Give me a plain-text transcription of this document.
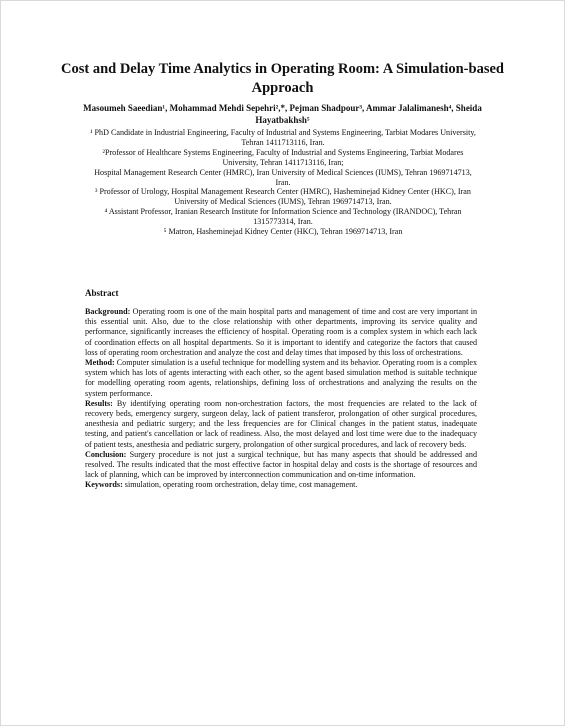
Cost and Delay Time Analytics in Operating Room: A Simulation-based Approach
Masoumeh Saeedian¹, Mohammad Mehdi Sepehri²,*, Pejman Shadpour³, Ammar Jalalimanesh⁴, Sheida Hayatbakhsh⁵
¹ PhD Candidate in Industrial Engineering, Faculty of Industrial and Systems Engineering, Tarbiat Modares University, Tehran 1411713116, Iran.
²Professor of Healthcare Systems Engineering, Faculty of Industrial and Systems Engineering, Tarbiat Modares University, Tehran 1411713116, Iran;
Hospital Management Research Center (HMRC), Iran University of Medical Sciences (IUMS), Tehran 1969714713, Iran.
³ Professor of Urology, Hospital Management Research Center (HMRC), Hasheminejad Kidney Center (HKC), Iran University of Medical Sciences (IUMS), Tehran 1969714713, Iran.
⁴ Assistant Professor, Iranian Research Institute for Information Science and Technology (IRANDOC), Tehran 1315773314, Iran.
⁵ Matron, Hasheminejad Kidney Center (HKC), Tehran 1969714713, Iran
Abstract

Background: Operating room is one of the main hospital parts and management of time and cost are very important in this essential unit. Also, due to the close relationship with other departments, improving its service quality and performance, significantly increases the efficiency of hospital. Operating room is a complex system in which each lack of coordination effects on all hospital departments. So it is important to identify and categorize the factors that caused loss of operating room orchestration and analyze the cost and delay times that imposed by this loss of orchestrations.

Method: Computer simulation is a useful technique for modelling system and its behavior. Operating room is a complex system which has lots of agents interacting with each other, so the agent based simulation method is suitable technique for modelling operating room agents, relationships, defining loss of orchestrations and analyzing the results on the system performance.

Results: By identifying operating room non-orchestration factors, the most frequencies are related to the lack of recovery beds, emergency surgery, surgeon delay, lack of patient transferor, prolongation of other surgical procedures, anesthesia and pediatric surgery; and the less frequencies are for Clinical changes in the patient status, inadequate testing, and patient's cancellation or lack of readiness. Also, the most delayed and lost time were due to the inadequacy of patient tests, anesthesia and pediatric surgery, prolongation of other surgical procedures, and lack of recovery beds.

Conclusion: Surgery procedure is not just a surgical technique, but has many aspects that should be addressed and resolved. The results indicated that the most effective factor in hospital delay and costs is the shortage of resources and lack of planning, which can be improved by interconnection communication and on-time information.

Keywords: simulation, operating room orchestration, delay time, cost management.
